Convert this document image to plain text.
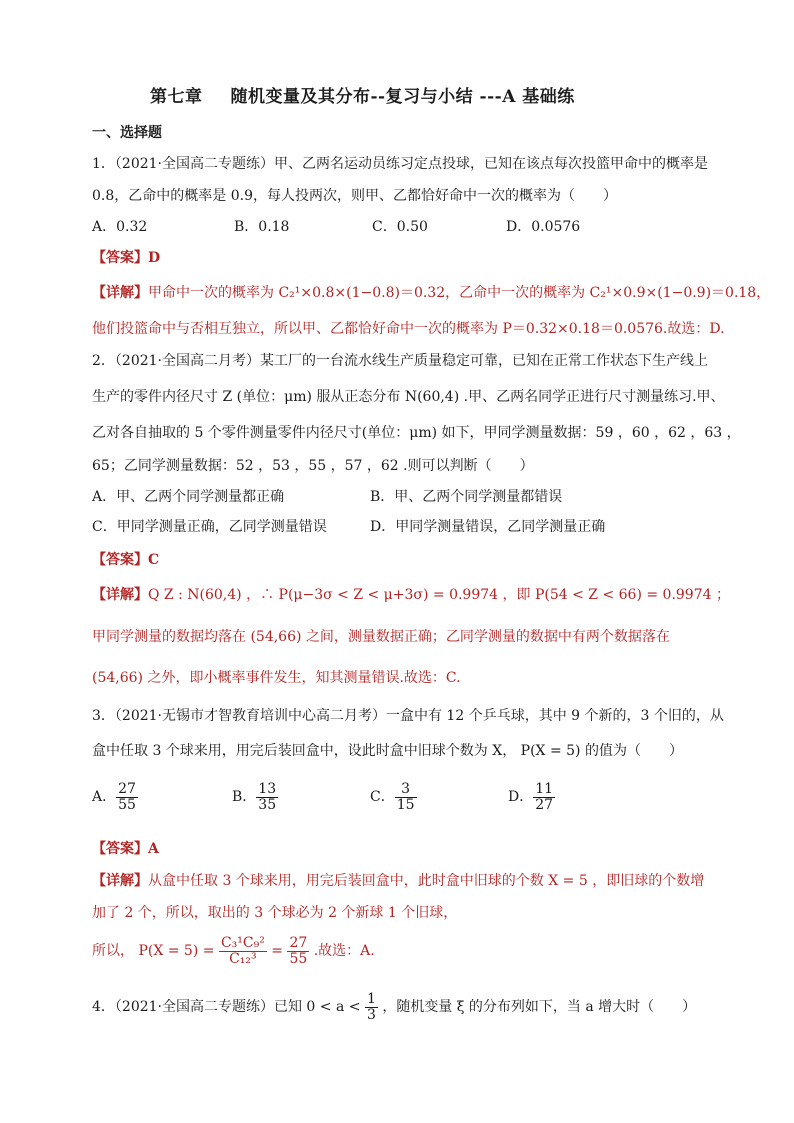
第七章 随机变量及其分布--复习与小结 ---A 基础练
一、选择题
1．（2021·全国高二专题练）甲、乙两名运动员练习定点投球，已知在该点每次投篮甲命中的概率是
0.8，乙命中的概率是 0.9，每人投两次，则甲、乙都恰好命中一次的概率为（　　）
A．0.32	B．0.18	C．0.50	D．0.0576
【答案】D
【详解】甲命中一次的概率为 C₂¹×0.8×(1−0.8)＝0.32，乙命中一次的概率为 C₂¹×0.9×(1−0.9)＝0.18，
他们投篮命中与否相互独立，所以甲、乙都恰好命中一次的概率为 P＝0.32×0.18＝0.0576.故选：D.
2．（2021·全国高二月考）某工厂的一台流水线生产质量稳定可靠，已知在正常工作状态下生产线上
生产的零件内径尺寸 Z (单位：μm) 服从正态分布 N(60,4) .甲、乙两名同学正进行尺寸测量练习.甲、
乙对各自抽取的 5 个零件测量零件内径尺寸(单位：μm) 如下，甲同学测量数据：59 ，60 ，62 ，63 ，
65；乙同学测量数据：52 ，53 ，55 ，57 ，62 .则可以判断（　　）
A．甲、乙两个同学测量都正确	B．甲、乙两个同学测量都错误
C．甲同学测量正确，乙同学测量错误	D．甲同学测量错误，乙同学测量正确
【答案】C
【详解】Q Z : N(60,4) ，∴ P(μ−3σ < Z < μ+3σ) = 0.9974 ，即 P(54 < Z < 66) = 0.9974 ；
甲同学测量的数据均落在 (54,66) 之间，测量数据正确；乙同学测量的数据中有两个数据落在
(54,66) 之外，即小概率事件发生，知其测量错误.故选：C.
3．（2021·无锡市才智教育培训中心高二月考）一盒中有 12 个乒乓球，其中 9 个新的，3 个旧的，从
盒中任取 3 个球来用，用完后装回盒中，设此时盒中旧球个数为 X， P(X = 5) 的值为（　　）
A． $\frac{27}{55}$	B． $\frac{13}{35}$	C． $\frac{3}{15}$	D． $\frac{11}{27}$
【答案】A
【详解】从盒中任取 3 个球来用，用完后装回盒中，此时盒中旧球的个数 X = 5 ，即旧球的个数增
加了 2 个，所以，取出的 3 个球必为 2 个新球 1 个旧球，
所以， $P(X = 5) = \frac{\text{C₃¹C₉²}}{\text{C₁₂³}} = \frac{27}{55}$ .故选：A.
4．（2021·全国高二专题练）已知 $0 < a < \frac{1}{3}$ ，随机变量 ξ 的分布列如下，当 a 增大时（　　）
